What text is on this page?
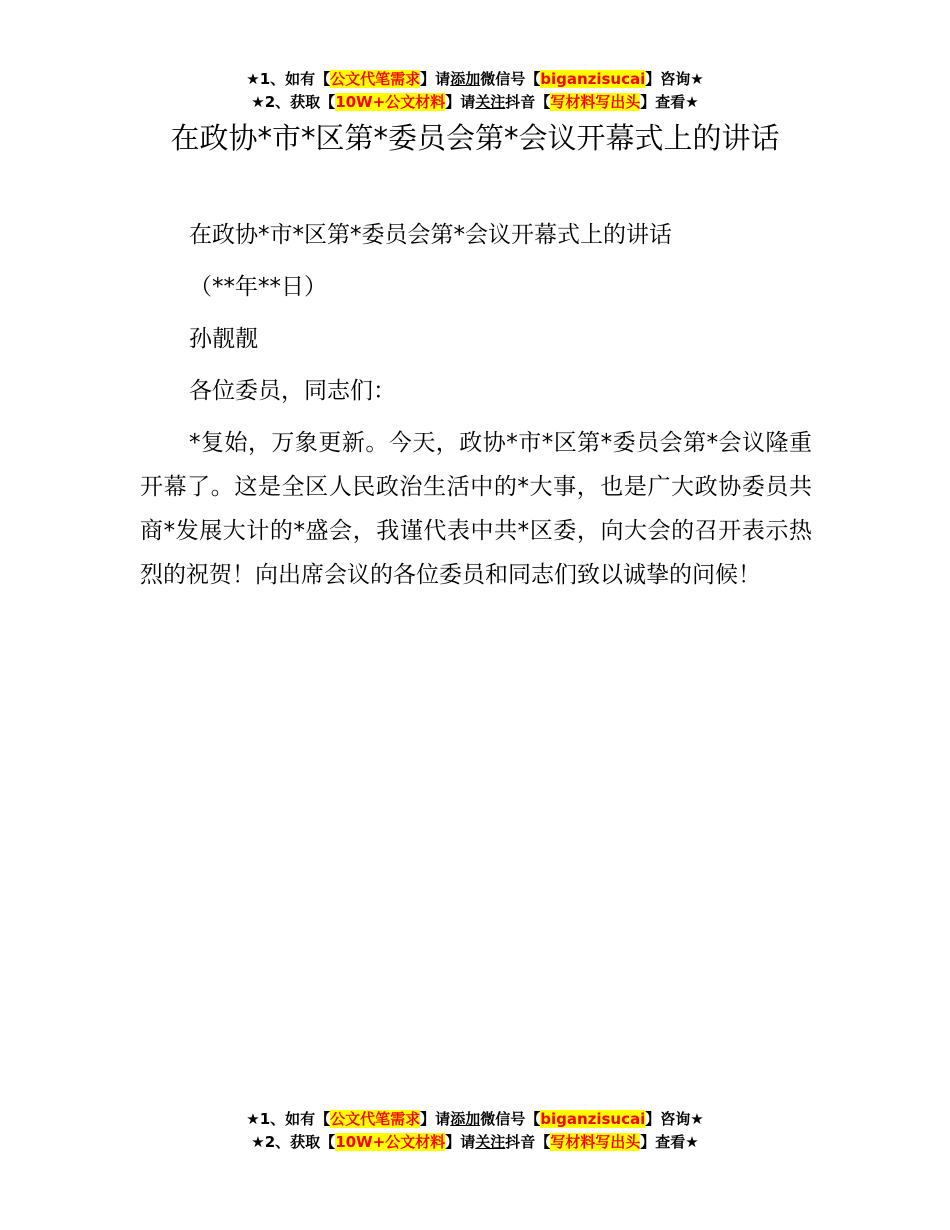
★1、如有【公文代笔需求】请添加微信号【biganzisucai】咨询★
★2、获取【10W+公文材料】请关注抖音【写材料写出头】查看★
在政协*市*区第*委员会第*会议开幕式上的讲话

在政协*市*区第*委员会第*会议开幕式上的讲话

（**年**日）

孙靓靓

各位委员，同志们：

*复始，万象更新。今天，政协*市*区第*委员会第*会议隆重开幕了。这是全区人民政治生活中的*大事，也是广大政协委员共商*发展大计的*盛会，我谨代表中共*区委，向大会的召开表示热烈的祝贺！向出席会议的各位委员和同志们致以诚挚的问候！

★1、如有【公文代笔需求】请添加微信号【biganzisucai】咨询★
★2、获取【10W+公文材料】请关注抖音【写材料写出头】查看★
